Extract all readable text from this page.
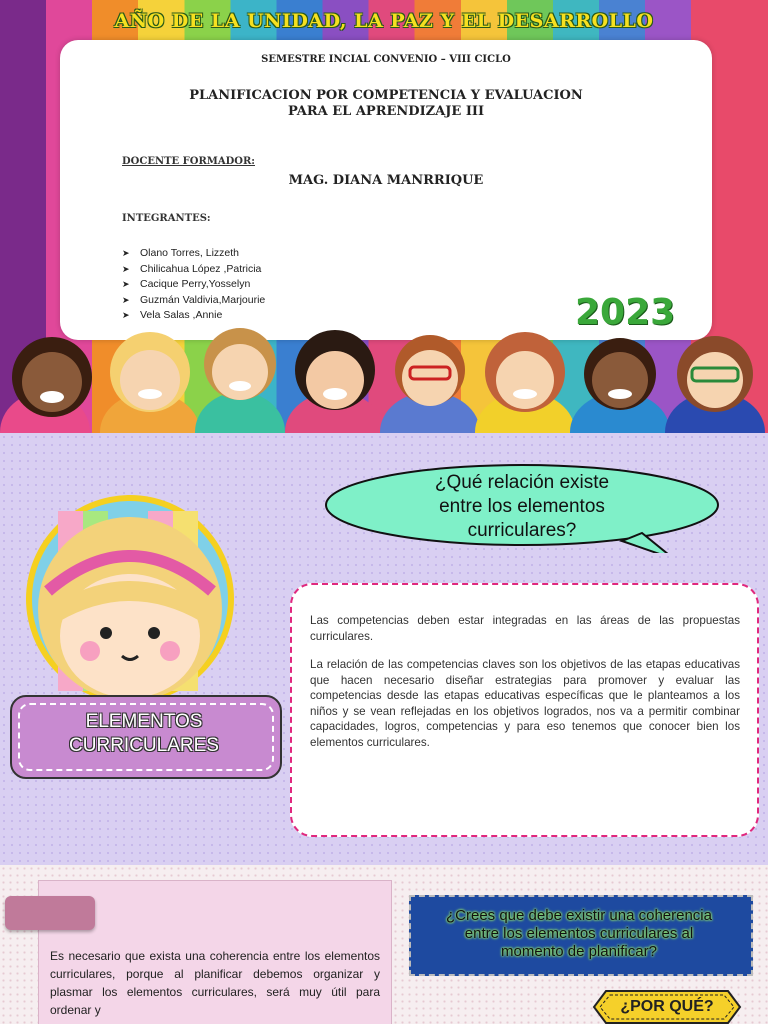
AÑO DE LA UNIDAD, LA PAZ Y EL DESARROLLO
SEMESTRE INCIAL CONVENIO – VIII CICLO
PLANIFICACION POR COMPETENCIA Y EVALUACION
PARA EL APRENDIZAJE III
DOCENTE FORMADOR:
MAG. DIANA MANRRIQUE
INTEGRANTES:
➤ Olano Torres, Lizzeth
➤ Chilicahua López ,Patricia
➤ Cacique Perry,Yosselyn
➤ Guzmán Valdivia,Marjourie
➤ Vela Salas ,Annie	2023
¿Qué relación existe
entre los elementos
curriculares?
ELEMENTOS
CURRICULARES

Las competencias deben estar integradas en las áreas de las propuestas curriculares.

La relación de las competencias claves son los objetivos de las etapas educativas que hacen necesario diseñar estrategias para promover y evaluar las competencias desde las etapas educativas específicas que le planteamos a los niños y se vean reflejadas en los objetivos logrados, nos va a permitir combinar capacidades, logros, competencias y para eso tenemos que conocer bien los elementos curriculares.

Es necesario que exista una coherencia entre los elementos curriculares, porque al planificar debemos organizar y plasmar los elementos curriculares, será muy útil para ordenar y

¿Crees que debe existir una coherencia
entre los elementos curriculares al
momento de planificar?
¿POR QUÉ?
